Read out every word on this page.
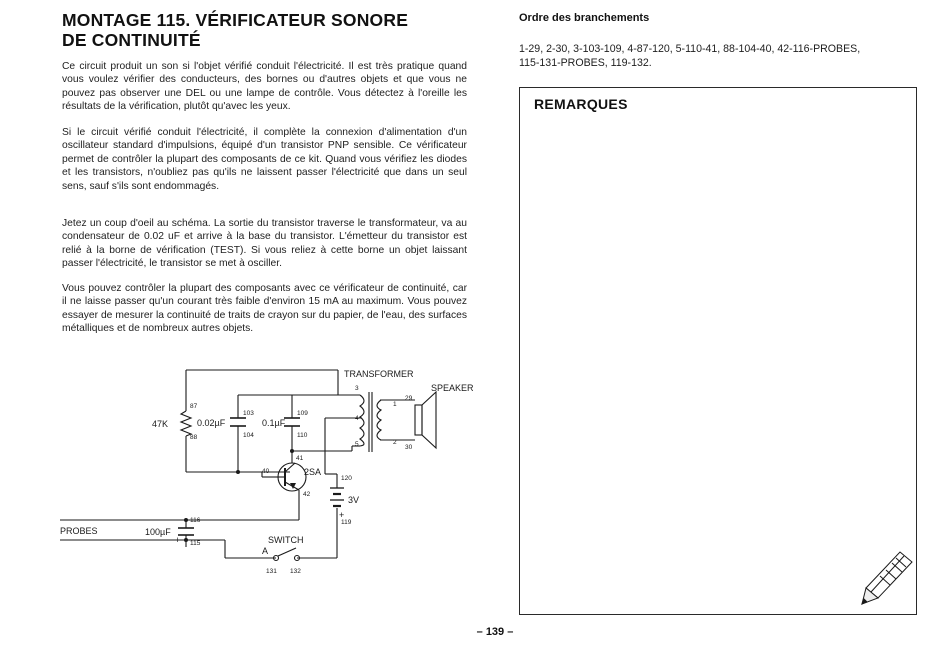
MONTAGE 115. VÉRIFICATEUR SONORE
DE CONTINUITÉ

Ce circuit produit un son si l'objet vérifié conduit l'électricité. Il est très pratique quand vous voulez vérifier des conducteurs, des bornes ou d'autres objets et que vous ne pouvez pas observer une DEL ou une lampe de contrôle. Vous détectez à l'oreille les résultats de la vérification, plutôt qu'avec les yeux.

Si le circuit vérifié conduit l'électricité, il complète la connexion d'alimentation d'un oscillateur standard d'impulsions, équipé d'un transistor PNP sensible. Ce vérificateur permet de contrôler la plupart des composants de ce kit. Quand vous vérifiez les diodes et les transistors, n'oubliez pas qu'ils ne laissent passer l'électricité que dans un seul sens, sauf s'ils sont endommagés.

Jetez un coup d'oeil au schéma. La sortie du transistor traverse le transformateur, va au condensateur de 0.02 uF et arrive à la base du transistor. L'émetteur du transistor est relié à la borne de vérification (TEST). Si vous reliez à cette borne un objet laissant passer l'électricité, le transistor se met à osciller.

Vous pouvez contrôler la plupart des composants avec ce vérificateur de continuité, car il ne laisse passer qu'un courant très faible d'environ 15 mA au maximum. Vous pouvez essayer de mesurer la continuité de traits de crayon sur du papier, de l'eau, des surfaces métalliques et de nombreux autres objets.

Ordre des branchements
1-29, 2-30, 3-103-109, 4-87-120, 5-110-41, 88-104-40, 42-116-PROBES,
115-131-PROBES, 119-132.
REMARQUES
TRANSFORMER
SPEAKER
47K	0.02µF	0.1µF
100µF
2SA
3V
PROBES
SWITCH
A
+
+
3
4
5
1
2
29
30
87
88
103
104
109
110
40
41
42
120
119
116
115
131 132
– 139 –
